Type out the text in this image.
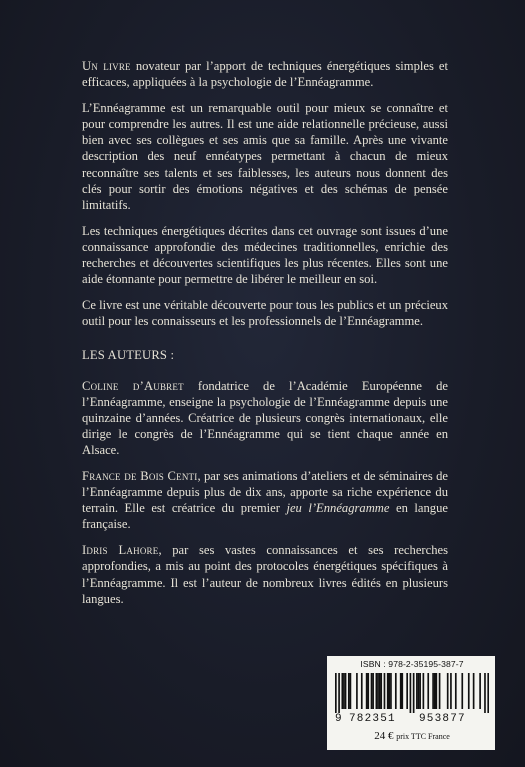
Un livre novateur par l’apport de techniques énergétiques simples et efficaces, appliquées à la psychologie de l’Ennéagramme.

L’Ennéagramme est un remarquable outil pour mieux se connaître et pour comprendre les autres. Il est une aide relationnelle précieuse, aussi bien avec ses collègues et ses amis que sa famille. Après une vivante description des neuf ennéatypes permettant à chacun de mieux reconnaître ses talents et ses faiblesses, les auteurs nous donnent des clés pour sortir des émotions négatives et des schémas de pensée limitatifs.

Les techniques énergétiques décrites dans cet ouvrage sont issues d’une connaissance approfondie des médecines traditionnelles, enrichie des recherches et découvertes scientifiques les plus récentes. Elles sont une aide étonnante pour permettre de libérer le meilleur en soi.

Ce livre est une véritable découverte pour tous les publics et un précieux outil pour les connaisseurs et les professionnels de l’Ennéagramme.

LES AUTEURS :

Coline d’Aubret fondatrice de l’Académie Européenne de l’Ennéagramme, enseigne la psychologie de l’Ennéagramme depuis une quinzaine d’années. Créatrice de plusieurs congrès internationaux, elle dirige le congrès de l’Ennéagramme qui se tient chaque année en Alsace.

France de Bois Centi, par ses animations d’ateliers et de séminaires de l’Ennéagramme depuis plus de dix ans, apporte sa riche expérience du terrain. Elle est créatrice du premier jeu l’Ennéagramme en langue française.

Idris Lahore, par ses vastes connaissances et ses recherches approfondies, a mis au point des protocoles énergétiques spécifiques à l’Ennéagramme. Il est l’auteur de nombreux livres édités en plusieurs langues.

ISBN : 978-2-35195-387-7
9 782351 953877
24 € prix TTC France
